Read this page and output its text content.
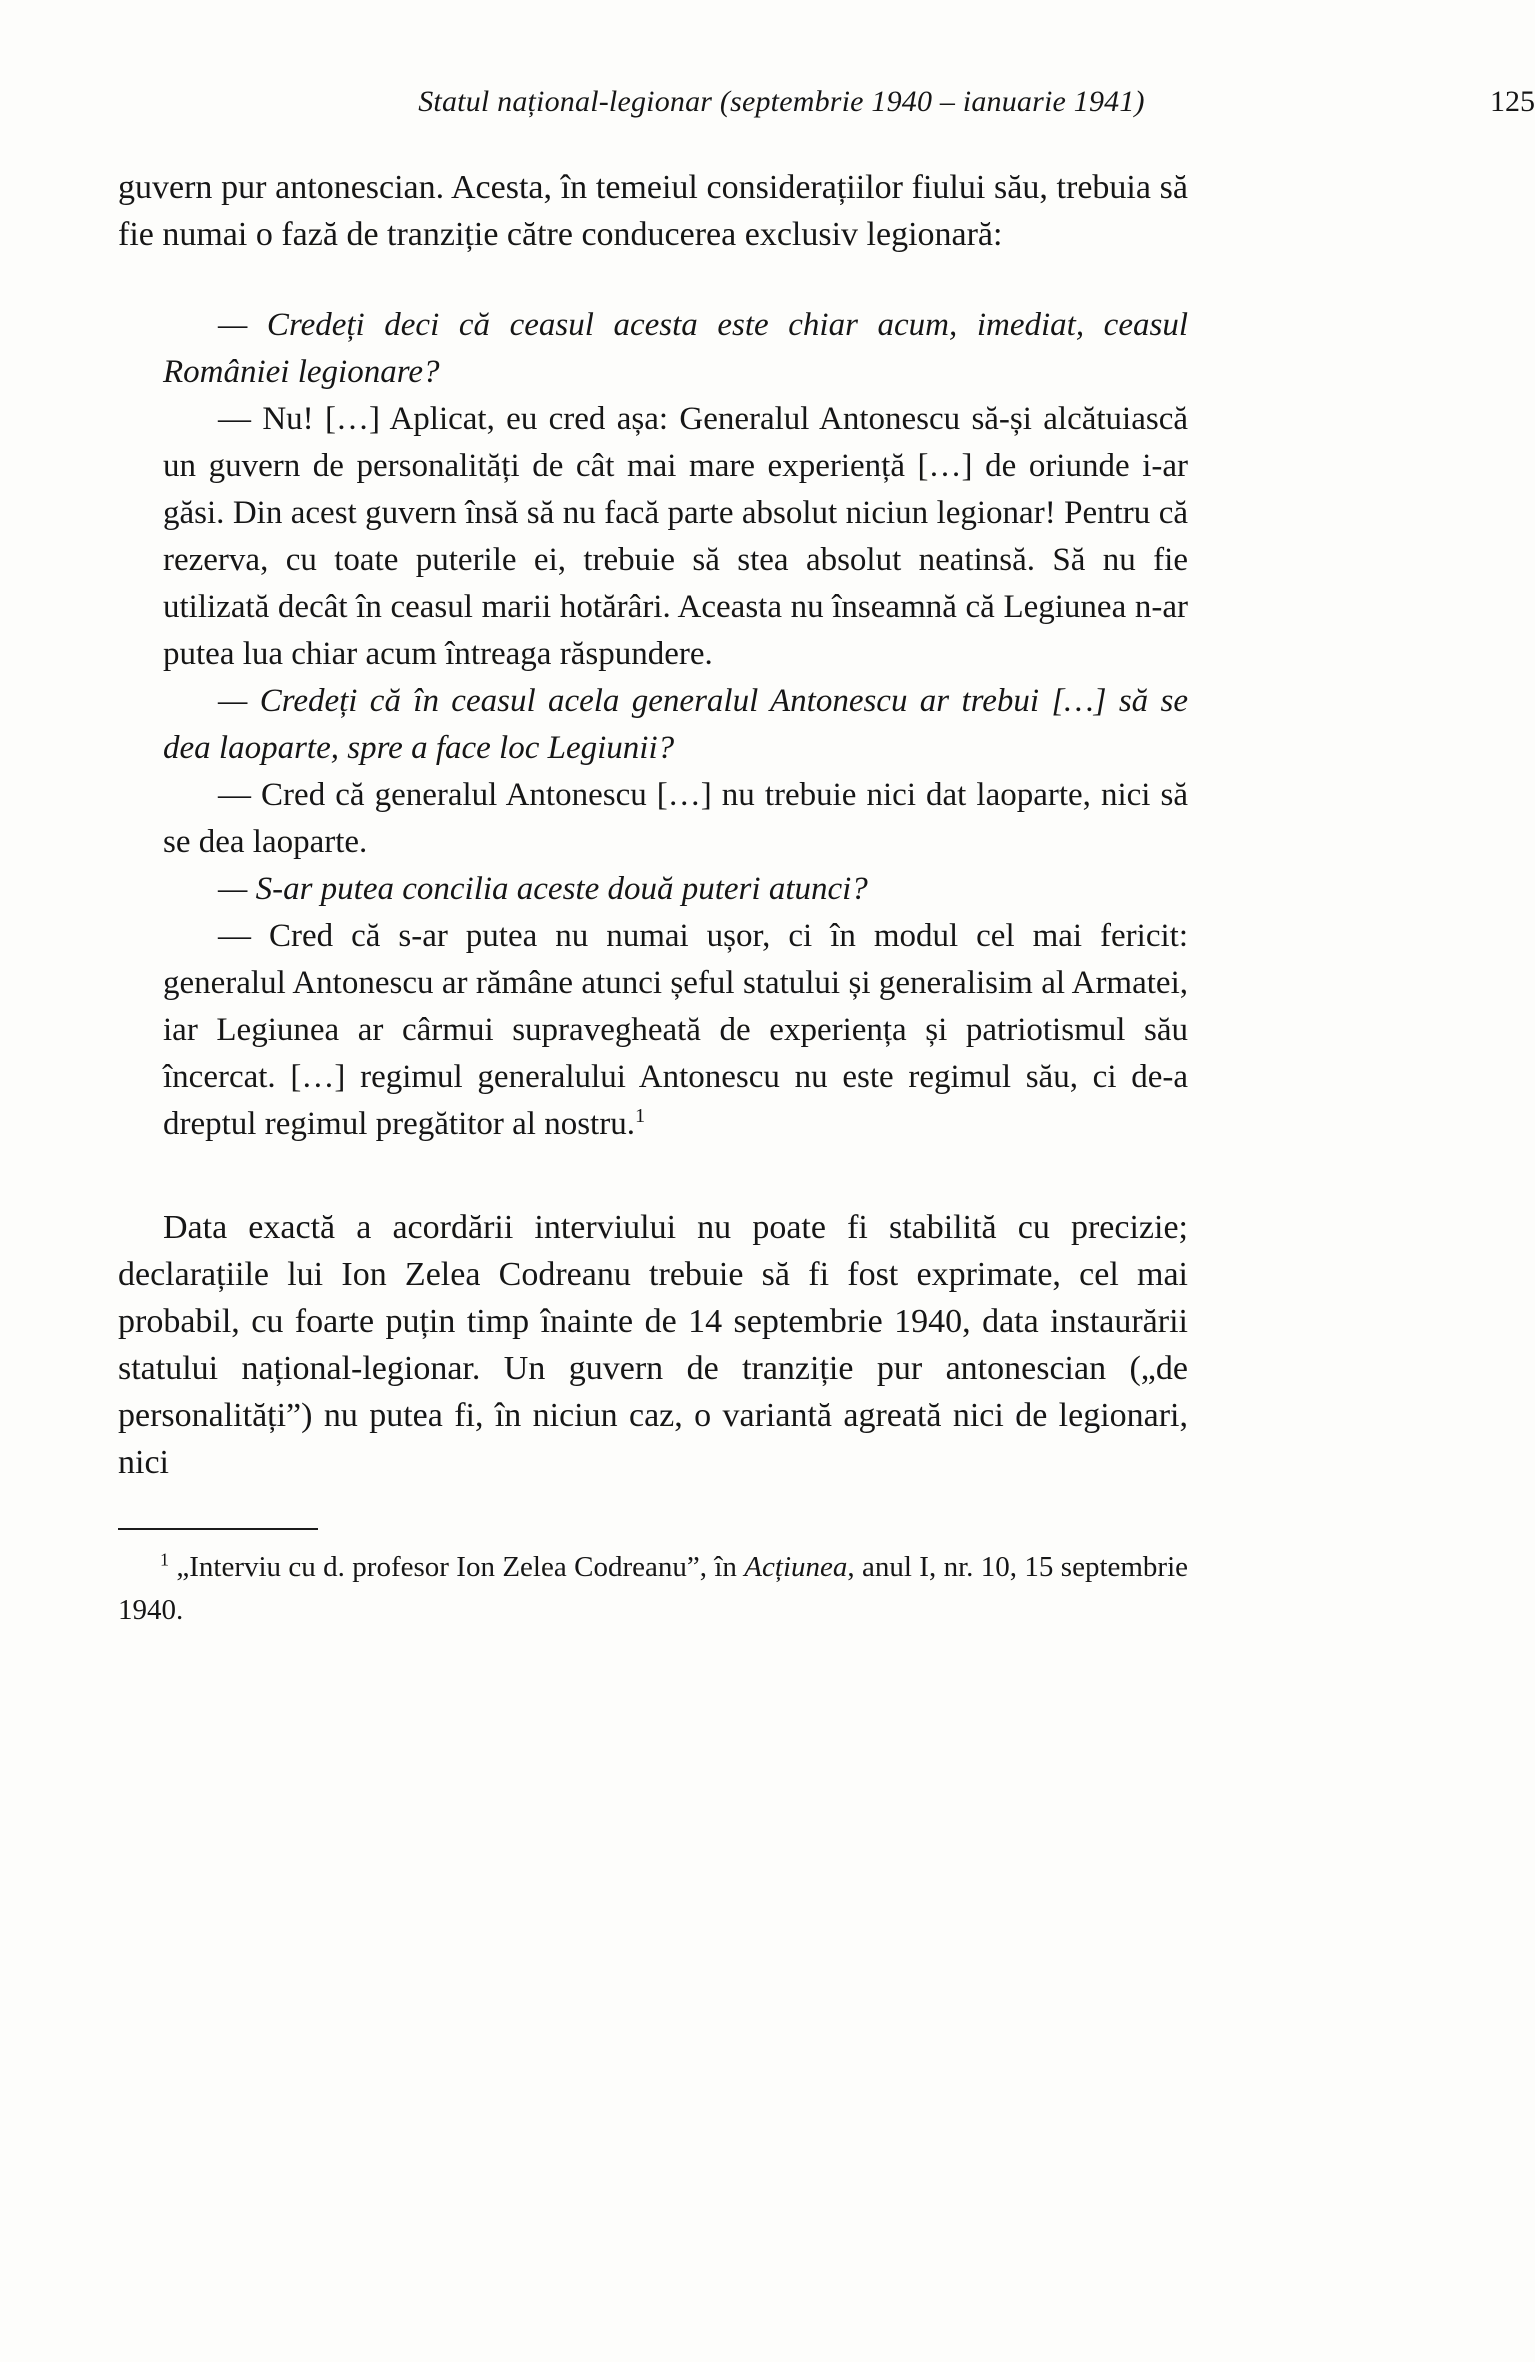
Statul național-legionar (septembrie 1940 – ianuarie 1941)	125

guvern pur antonescian. Acesta, în temeiul considerațiilor fiului său, trebuia să fie numai o fază de tranziție către conducerea exclusiv legionară:

— Credeți deci că ceasul acesta este chiar acum, imediat, ceasul României legionare?

— Nu! […] Aplicat, eu cred așa: Generalul Antonescu să-și alcătuiască un guvern de personalități de cât mai mare experiență […] de oriunde i-ar găsi. Din acest guvern însă să nu facă parte absolut niciun legionar! Pentru că rezerva, cu toate puterile ei, trebuie să stea absolut neatinsă. Să nu fie utilizată decât în ceasul marii hotărâri. Aceasta nu înseamnă că Legiunea n-ar putea lua chiar acum întreaga răspundere.

— Credeți că în ceasul acela generalul Antonescu ar trebui […] să se dea laoparte, spre a face loc Legiunii?

— Cred că generalul Antonescu […] nu trebuie nici dat laoparte, nici să se dea laoparte.

— S-ar putea concilia aceste două puteri atunci?

— Cred că s-ar putea nu numai ușor, ci în modul cel mai fericit: generalul Antonescu ar rămâne atunci șeful statului și generalisim al Armatei, iar Legiunea ar cârmui supravegheată de experiența și patriotismul său încercat. […] regimul generalului Antonescu nu este regimul său, ci de-a dreptul regimul pregătitor al nostru.$^1$

Data exactă a acordării interviului nu poate fi stabilită cu precizie; declarațiile lui Ion Zelea Codreanu trebuie să fi fost exprimate, cel mai probabil, cu foarte puțin timp înainte de 14 septembrie 1940, data instaurării statului național-legionar. Un guvern de tranziție pur antonescian („de personalități”) nu putea fi, în niciun caz, o variantă agreată nici de legionari, nici

$^1$ „Interviu cu d. profesor Ion Zelea Codreanu”, în Acțiunea, anul I, nr. 10, 15 septembrie 1940.
